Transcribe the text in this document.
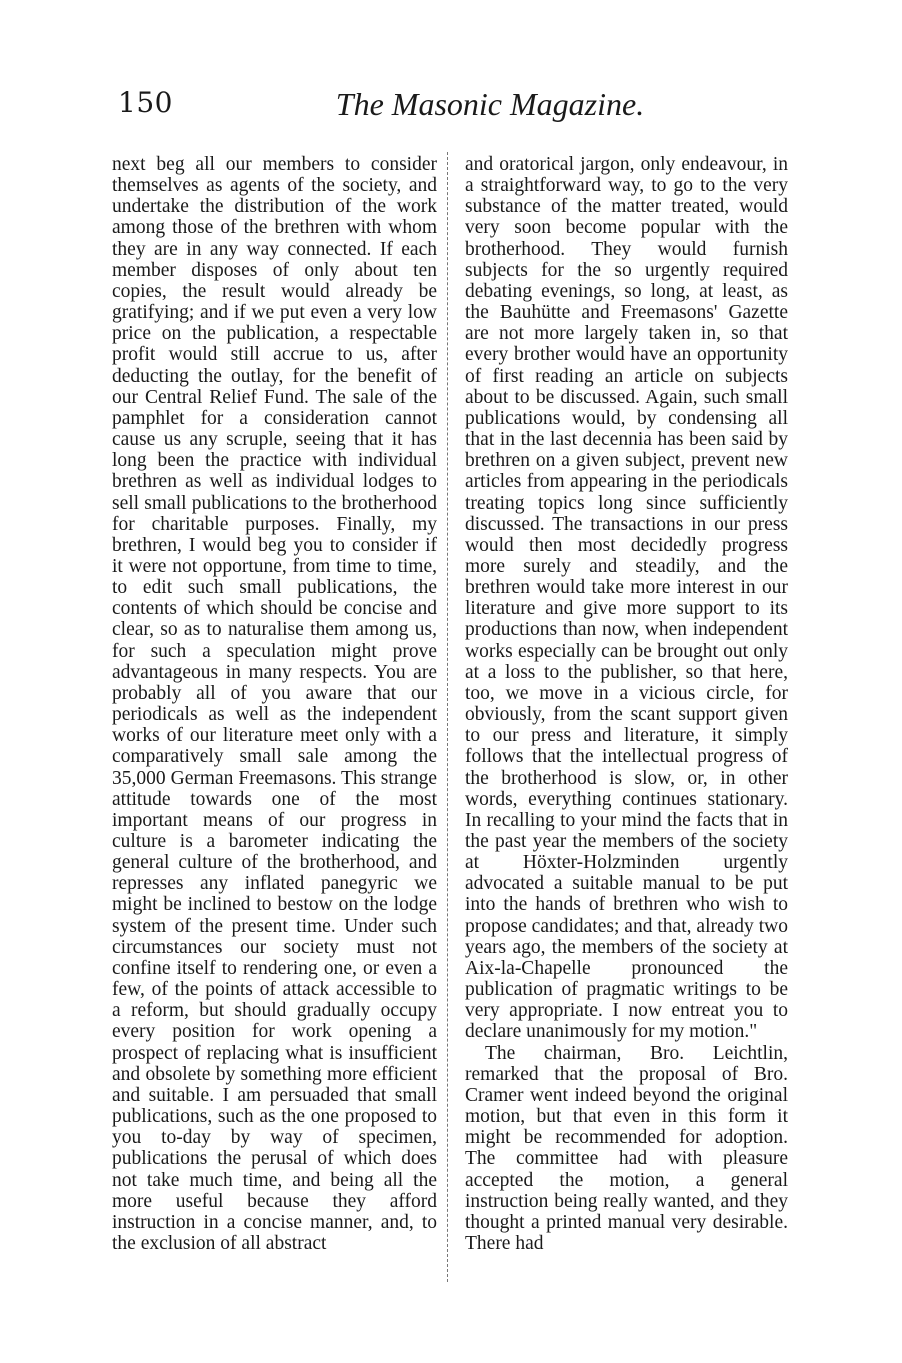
150	The Masonic Magazine.

next beg all our members to consider themselves as agents of the society, and undertake the distribution of the work among those of the brethren with whom they are in any way connected. If each member disposes of only about ten copies, the result would already be gratifying; and if we put even a very low price on the publication, a respectable profit would still accrue to us, after deducting the outlay, for the benefit of our Central Relief Fund. The sale of the pamphlet for a consideration cannot cause us any scruple, seeing that it has long been the practice with individual brethren as well as individual lodges to sell small publications to the brotherhood for charitable purposes. Finally, my brethren, I would beg you to consider if it were not opportune, from time to time, to edit such small publications, the contents of which should be concise and clear, so as to naturalise them among us, for such a speculation might prove advantageous in many respects. You are probably all of you aware that our periodicals as well as the independent works of our literature meet only with a comparatively small sale among the 35,000 German Freemasons. This strange attitude towards one of the most important means of our progress in culture is a barometer indicating the general culture of the brotherhood, and represses any inflated panegyric we might be inclined to bestow on the lodge system of the present time. Under such circumstances our society must not confine itself to rendering one, or even a few, of the points of attack accessible to a reform, but should gradually occupy every position for work opening a prospect of replacing what is insufficient and obsolete by something more efficient and suitable. I am persuaded that small publications, such as the one proposed to you to-day by way of specimen, publications the perusal of which does not take much time, and being all the more useful because they afford instruction in a concise manner, and, to the exclusion of all abstract

and oratorical jargon, only endeavour, in a straightforward way, to go to the very substance of the matter treated, would very soon become popular with the brotherhood. They would furnish subjects for the so urgently required debating evenings, so long, at least, as the Bauhütte and Freemasons' Gazette are not more largely taken in, so that every brother would have an opportunity of first reading an article on subjects about to be discussed. Again, such small publications would, by condensing all that in the last decennia has been said by brethren on a given subject, prevent new articles from appearing in the periodicals treating topics long since sufficiently discussed. The transactions in our press would then most decidedly progress more surely and steadily, and the brethren would take more interest in our literature and give more support to its productions than now, when independent works especially can be brought out only at a loss to the publisher, so that here, too, we move in a vicious circle, for obviously, from the scant support given to our press and literature, it simply follows that the intellectual progress of the brotherhood is slow, or, in other words, everything continues stationary. In recalling to your mind the facts that in the past year the members of the society at Höxter-Holzminden urgently advocated a suitable manual to be put into the hands of brethren who wish to propose candidates; and that, already two years ago, the members of the society at Aix-la-Chapelle pronounced the publication of pragmatic writings to be very appropriate. I now entreat you to declare unanimously for my motion."

The chairman, Bro. Leichtlin, remarked that the proposal of Bro. Cramer went indeed beyond the original motion, but that even in this form it might be recommended for adoption. The committee had with pleasure accepted the motion, a general instruction being really wanted, and they thought a printed manual very desirable. There had
